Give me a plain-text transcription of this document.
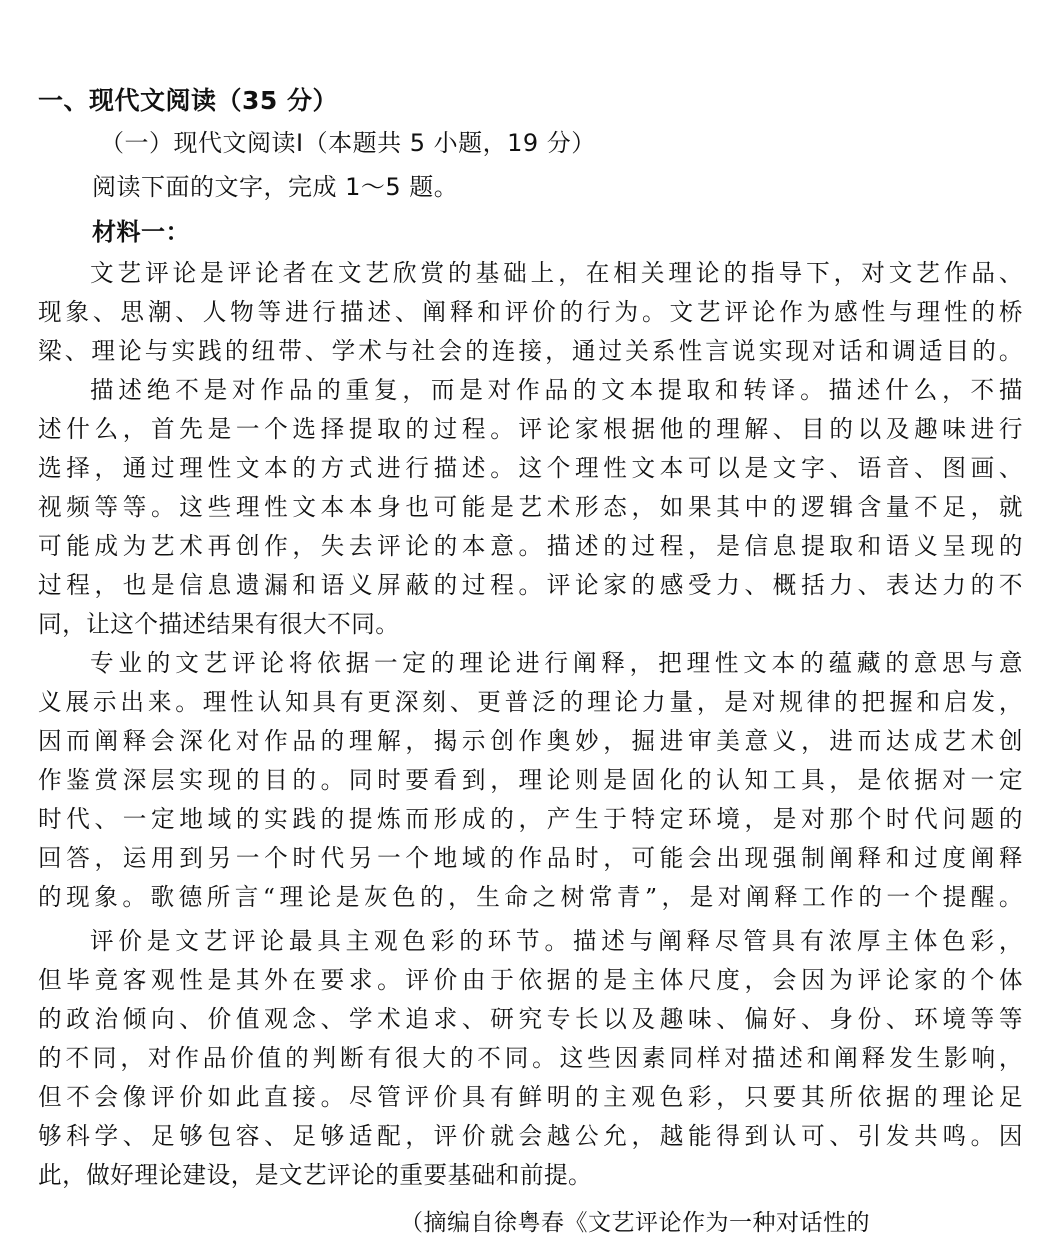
一、现代文阅读（35 分）
（一）现代文阅读Ⅰ（本题共 5 小题，19 分）
阅读下面的文字，完成 1～5 题。
材料一：
文艺评论是评论者在文艺欣赏的基础上，在相关理论的指导下，对文艺作品、
现象、思潮、人物等进行描述、阐释和评价的行为。文艺评论作为感性与理性的桥
梁、理论与实践的纽带、学术与社会的连接，通过关系性言说实现对话和调适目的。
描述绝不是对作品的重复，而是对作品的文本提取和转译。描述什么，不描
述什么，首先是一个选择提取的过程。评论家根据他的理解、目的以及趣味进行
选择，通过理性文本的方式进行描述。这个理性文本可以是文字、语音、图画、
视频等等。这些理性文本本身也可能是艺术形态，如果其中的逻辑含量不足，就
可能成为艺术再创作，失去评论的本意。描述的过程，是信息提取和语义呈现的
过程，也是信息遗漏和语义屏蔽的过程。评论家的感受力、概括力、表达力的不
同，让这个描述结果有很大不同。
专业的文艺评论将依据一定的理论进行阐释，把理性文本的蕴藏的意思与意
义展示出来。理性认知具有更深刻、更普泛的理论力量，是对规律的把握和启发，
因而阐释会深化对作品的理解，揭示创作奥妙，掘进审美意义，进而达成艺术创
作鉴赏深层实现的目的。同时要看到，理论则是固化的认知工具，是依据对一定
时代、一定地域的实践的提炼而形成的，产生于特定环境，是对那个时代问题的
回答，运用到另一个时代另一个地域的作品时，可能会出现强制阐释和过度阐释
的现象。歌德所言“理论是灰色的，生命之树常青”，是对阐释工作的一个提醒。
评价是文艺评论最具主观色彩的环节。描述与阐释尽管具有浓厚主体色彩，
但毕竟客观性是其外在要求。评价由于依据的是主体尺度，会因为评论家的个体
的政治倾向、价值观念、学术追求、研究专长以及趣味、偏好、身份、环境等等
的不同，对作品价值的判断有很大的不同。这些因素同样对描述和阐释发生影响，
但不会像评价如此直接。尽管评价具有鲜明的主观色彩，只要其所依据的理论足
够科学、足够包容、足够适配，评价就会越公允，越能得到认可、引发共鸣。因
此，做好理论建设，是文艺评论的重要基础和前提。
（摘编自徐粤春《文艺评论作为一种对话性的
